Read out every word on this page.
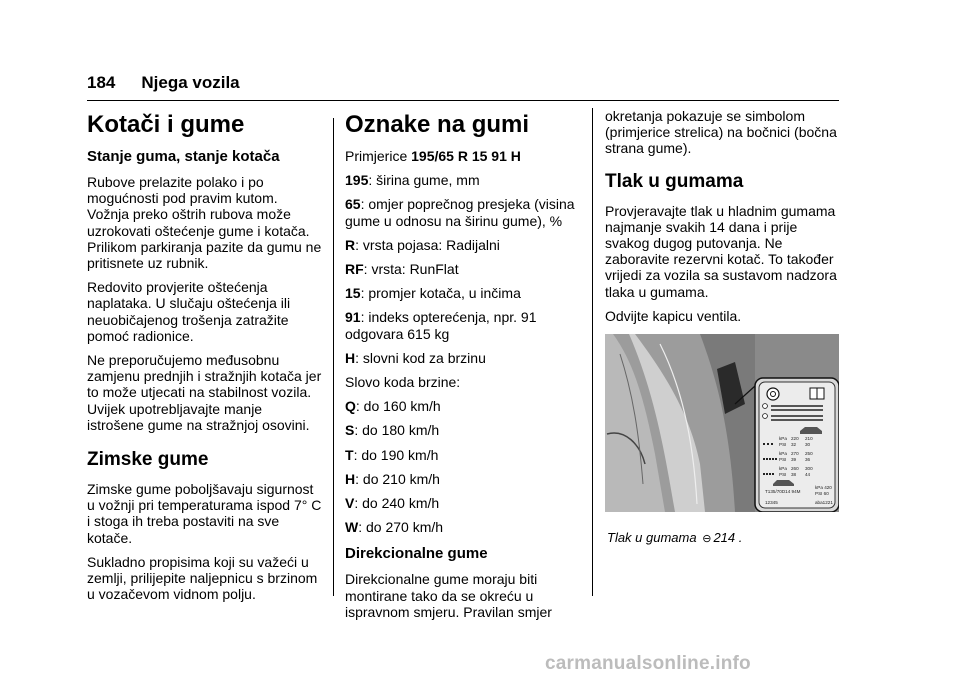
184 Njega vozila
Kotači i gume
Stanje guma, stanje kotača
Rubove prelazite polako i po mogućnosti pod pravim kutom. Vožnja preko oštrih rubova može uzrokovati oštećenje gume i kotača. Prilikom parkiranja pazite da gumu ne pritisnete uz rubnik.
Redovito provjerite oštećenja naplataka. U slučaju oštećenja ili neuobičajenog trošenja zatražite pomoć radionice.
Ne preporučujemo međusobnu zamjenu prednjih i stražnjih kotača jer to može utjecati na stabilnost vozila. Uvijek upotrebljavajte manje istrošene gume na stražnjoj osovini.
Zimske gume
Zimske gume poboljšavaju sigurnost u vožnji pri temperaturama ispod 7° C i stoga ih treba postaviti na sve kotače.
Sukladno propisima koji su važeći u zemlji, prilijepite naljepnicu s brzinom u vozačevom vidnom polju.
Oznake na gumi
Primjerice 195/65 R 15 91 H
195: širina gume, mm
65: omjer poprečnog presjeka (visina gume u odnosu na širinu gume), %
R: vrsta pojasa: Radijalni
RF: vrsta: RunFlat
15: promjer kotača, u inčima
91: indeks opterećenja, npr. 91 odgovara 615 kg
H: slovni kod za brzinu
Slovo koda brzine:
Q: do 160 km/h
S: do 180 km/h
T: do 190 km/h
H: do 210 km/h
V: do 240 km/h
W: do 270 km/h
Direkcionalne gume
Direkcionalne gume moraju biti montirane tako da se okreću u ispravnom smjeru. Pravilan smjer
okretanja pokazuje se simbolom (primjerice strelica) na bočnici (bočna strana gume).
Tlak u gumama
Provjeravajte tlak u hladnim gumama najmanje svakih 14 dana i prije svakog dugog putovanja. Ne zaboravite rezervni kotač. To također vrijedi za vozila sa sustavom nadzora tlaka u gumama.
Odvijte kapicu ventila.
kPa 220 210
PSI 32 30
kPa 270 250
PSI 39 36
kPa 260 300
PSI 38 44
T135/70D14 94M
kPa 420
PSI 60
12345	aba1221
Tlak u gumama ⊖ 214 .
carmanualsonline.info
